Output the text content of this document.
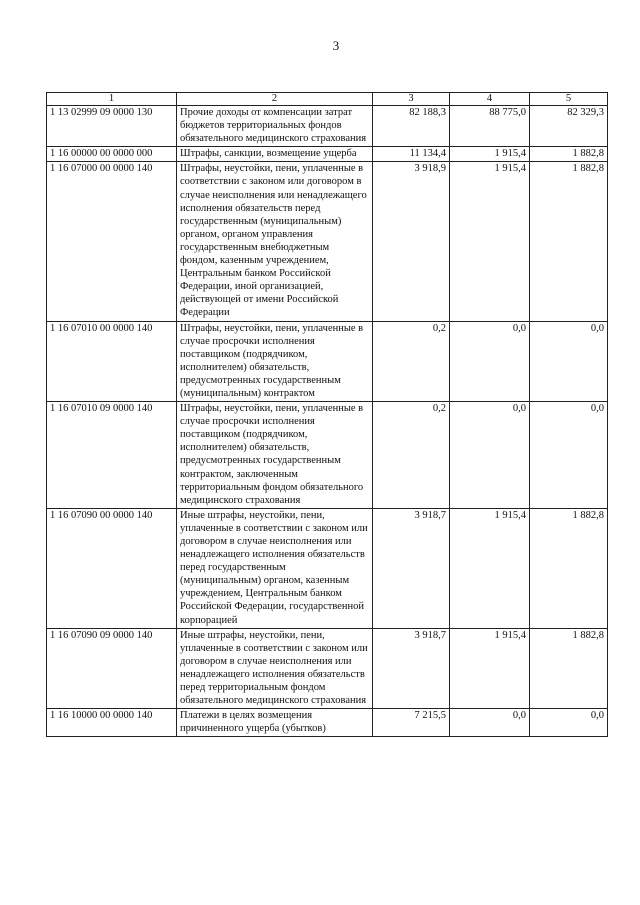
3
1	2	3	4	5
1 13 02999 09 0000 130	Прочие доходы от компенсации затрат бюджетов территориальных фондов обязательного медицинского страхования	82 188,3	88 775,0	82 329,3
1 16 00000 00 0000 000	Штрафы, санкции, возмещение ущерба	11 134,4	1 915,4	1 882,8
1 16 07000 00 0000 140	Штрафы, неустойки, пени, уплаченные в соответствии с законом или договором в случае неисполнения или ненадлежащего исполнения обязательств перед государственным (муниципальным) органом, органом управления государственным внебюджетным фондом, казенным учреждением, Центральным банком Российской Федерации, иной организацией, действующей от имени Российской Федерации	3 918,9	1 915,4	1 882,8
1 16 07010 00 0000 140	Штрафы, неустойки, пени, уплаченные в случае просрочки исполнения поставщиком (подрядчиком, исполнителем) обязательств, предусмотренных государственным (муниципальным) контрактом	0,2	0,0	0,0
1 16 07010 09 0000 140	Штрафы, неустойки, пени, уплаченные в случае просрочки исполнения поставщиком (подрядчиком, исполнителем) обязательств, предусмотренных государственным контрактом, заключенным территориальным фондом обязательного медицинского страхования	0,2	0,0	0,0
1 16 07090 00 0000 140	Иные штрафы, неустойки, пени, уплаченные в соответствии с законом или договором в случае неисполнения или ненадлежащего исполнения обязательств перед государственным (муниципальным) органом, казенным учреждением, Центральным банком Российской Федерации, государственной корпорацией	3 918,7	1 915,4	1 882,8
1 16 07090 09 0000 140	Иные штрафы, неустойки, пени, уплаченные в соответствии с законом или договором в случае неисполнения или ненадлежащего исполнения обязательств перед территориальным фондом обязательного медицинского страхования	3 918,7	1 915,4	1 882,8
1 16 10000 00 0000 140	Платежи в целях возмещения причиненного ущерба (убытков)	7 215,5	0,0	0,0
